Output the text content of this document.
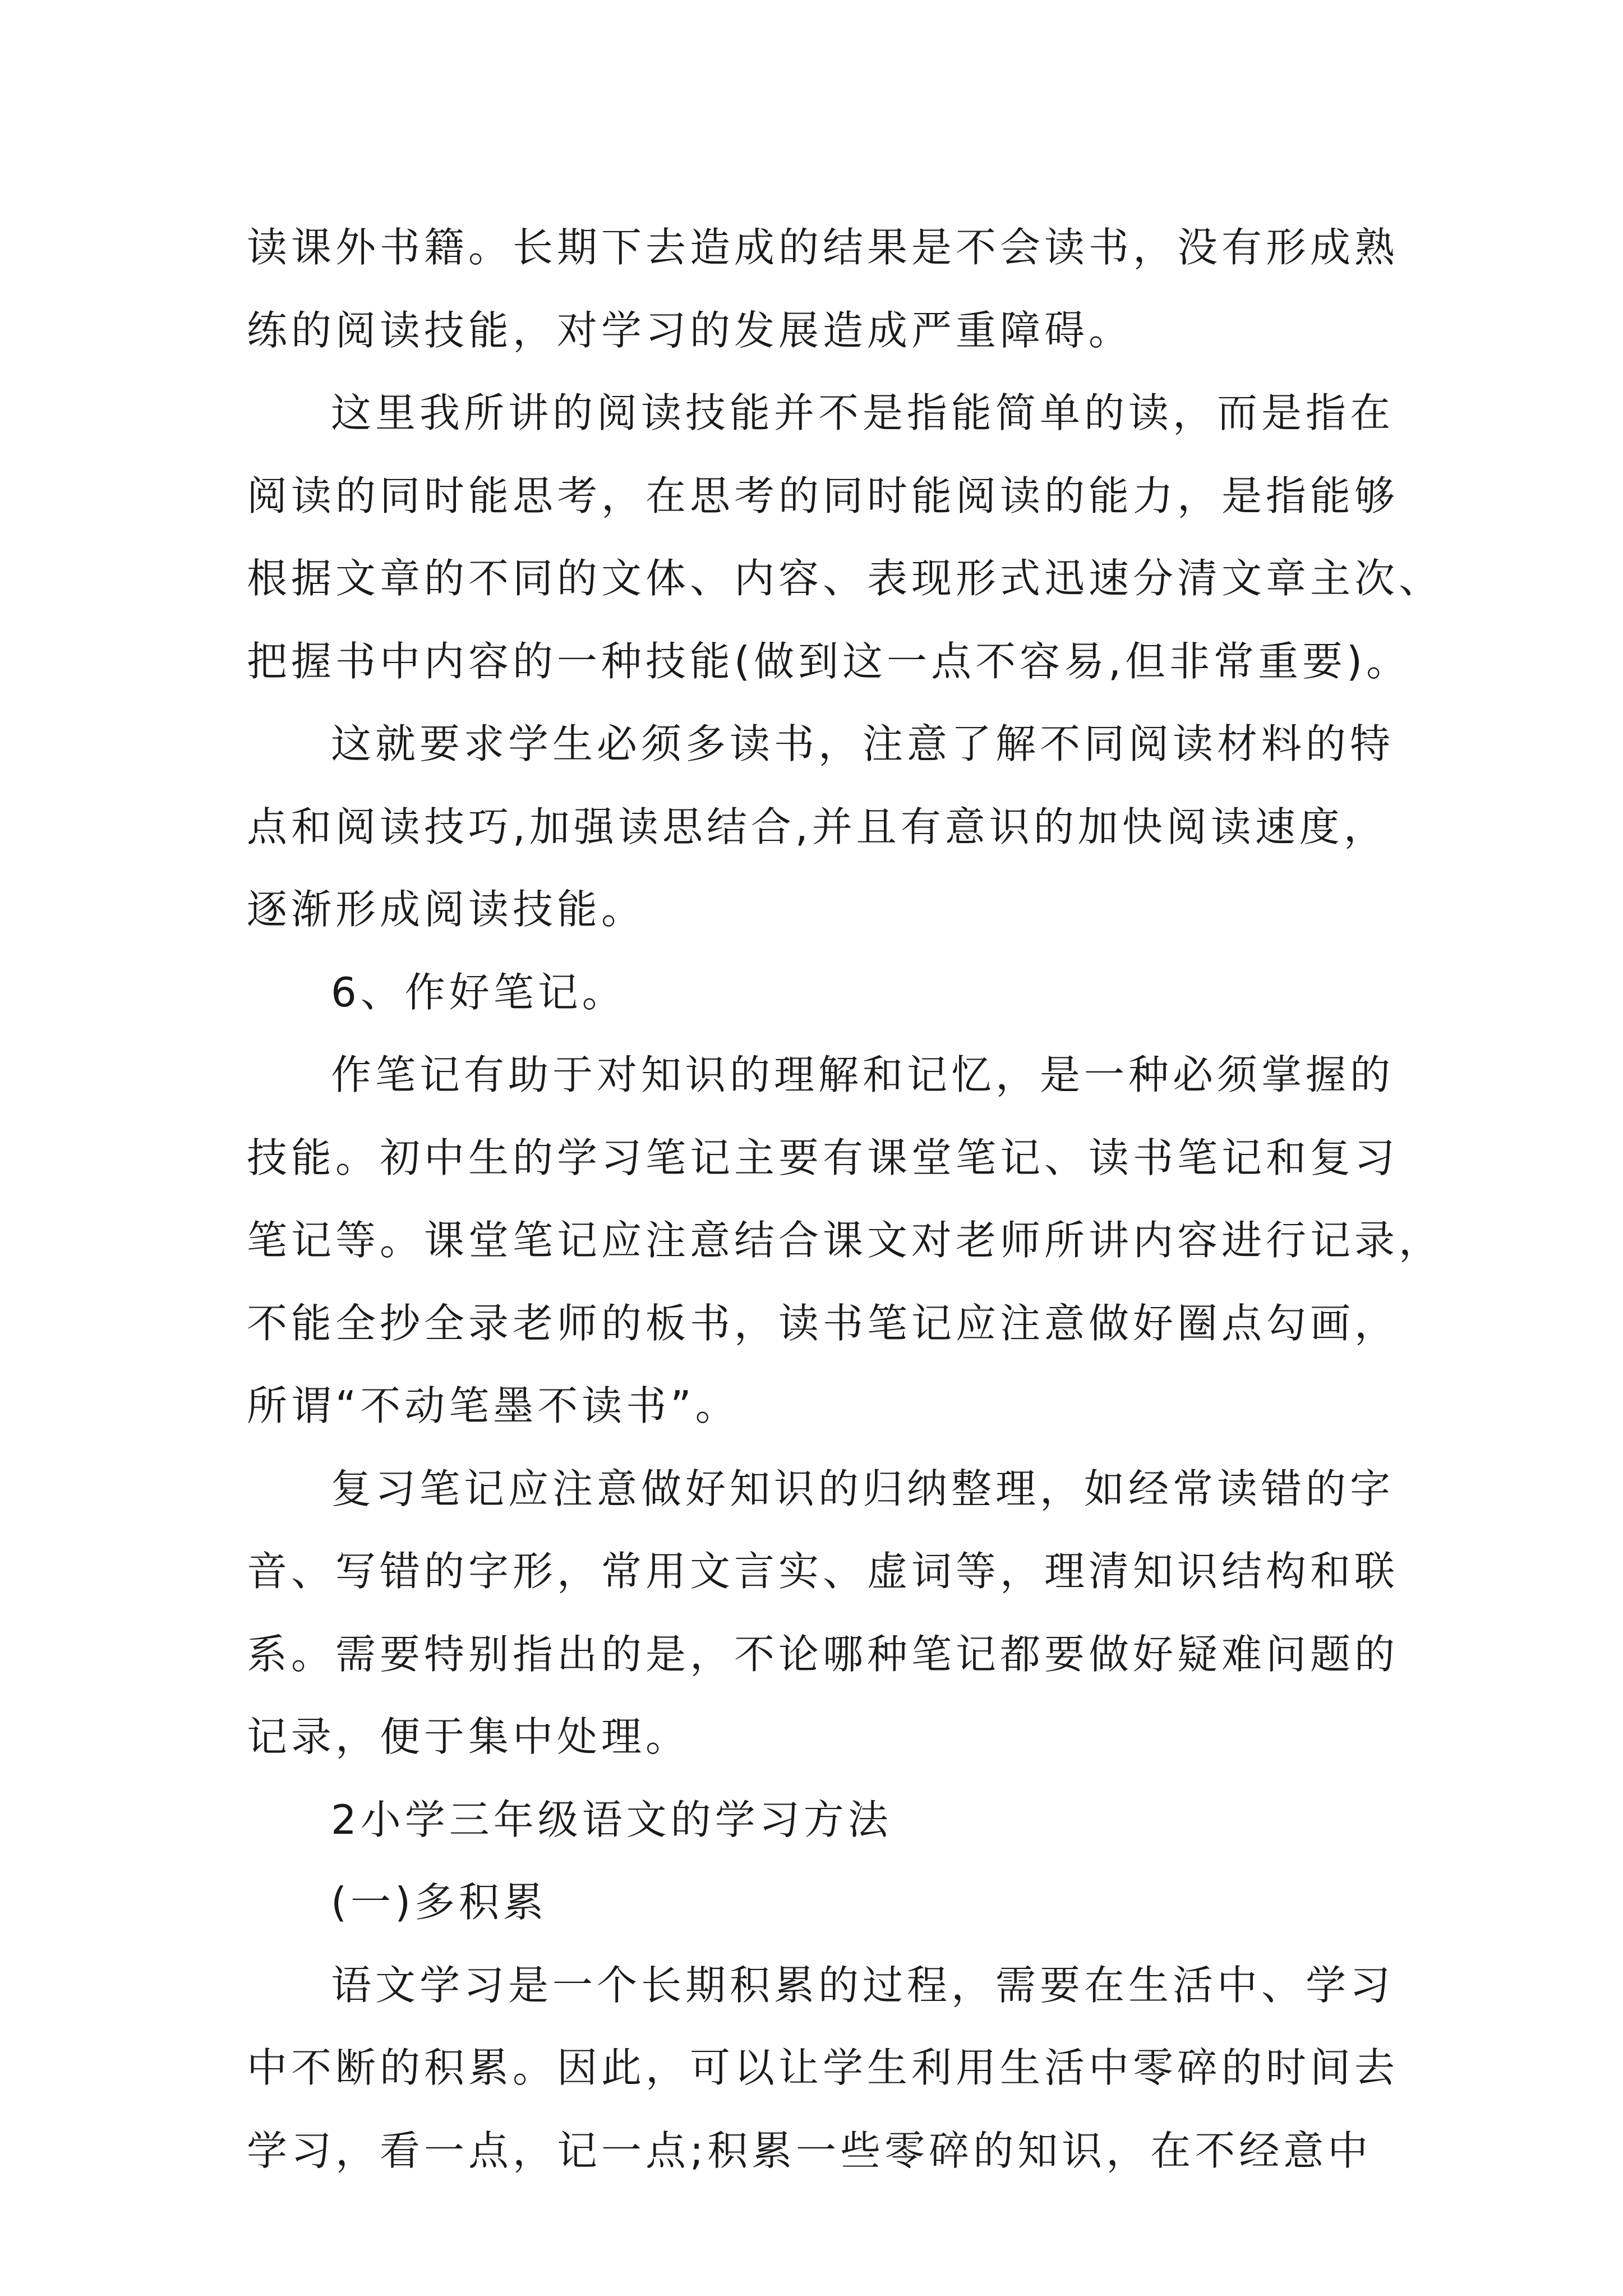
读课外书籍。长期下去造成的结果是不会读书，没有形成熟
练的阅读技能，对学习的发展造成严重障碍。
这里我所讲的阅读技能并不是指能简单的读，而是指在
阅读的同时能思考，在思考的同时能阅读的能力，是指能够
根据文章的不同的文体、内容、表现形式迅速分清文章主次、
把握书中内容的一种技能(做到这一点不容易,但非常重要)。
这就要求学生必须多读书，注意了解不同阅读材料的特
点和阅读技巧,加强读思结合,并且有意识的加快阅读速度，
逐渐形成阅读技能。
6、作好笔记。
作笔记有助于对知识的理解和记忆，是一种必须掌握的
技能。初中生的学习笔记主要有课堂笔记、读书笔记和复习
笔记等。课堂笔记应注意结合课文对老师所讲内容进行记录，
不能全抄全录老师的板书，读书笔记应注意做好圈点勾画，
所谓“不动笔墨不读书”。
复习笔记应注意做好知识的归纳整理，如经常读错的字
音、写错的字形，常用文言实、虚词等，理清知识结构和联
系。需要特别指出的是，不论哪种笔记都要做好疑难问题的
记录，便于集中处理。
2小学三年级语文的学习方法
(一)多积累
语文学习是一个长期积累的过程，需要在生活中、学习
中不断的积累。因此，可以让学生利用生活中零碎的时间去
学习，看一点，记一点;积累一些零碎的知识，在不经意中
